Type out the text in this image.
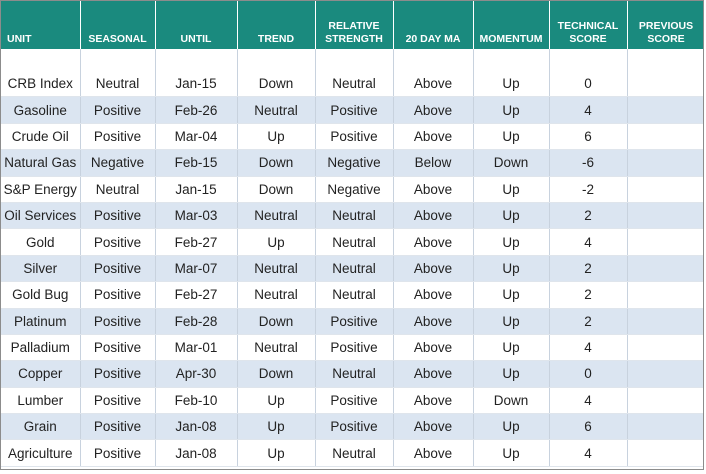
UNIT	SEASONAL	UNTIL	TREND	RELATIVE STRENGTH	20 DAY MA	MOMENTUM	TECHNICAL SCORE	PREVIOUS SCORE

CRB Index	Neutral	Jan-15	Down	Neutral	Above	Up	0	
Gasoline	Positive	Feb-26	Neutral	Positive	Above	Up	4	
Crude Oil	Positive	Mar-04	Up	Positive	Above	Up	6	
Natural Gas	Negative	Feb-15	Down	Negative	Below	Down	-6	
S&P Energy	Neutral	Jan-15	Down	Negative	Above	Up	-2	
Oil Services	Positive	Mar-03	Neutral	Neutral	Above	Up	2	
Gold	Positive	Feb-27	Up	Neutral	Above	Up	4	
Silver	Positive	Mar-07	Neutral	Neutral	Above	Up	2	
Gold Bug	Positive	Feb-27	Neutral	Neutral	Above	Up	2	
Platinum	Positive	Feb-28	Down	Positive	Above	Up	2	
Palladium	Positive	Mar-01	Neutral	Positive	Above	Up	4	
Copper	Positive	Apr-30	Down	Neutral	Above	Up	0	
Lumber	Positive	Feb-10	Up	Positive	Above	Down	4	
Grain	Positive	Jan-08	Up	Positive	Above	Up	6	
Agriculture	Positive	Jan-08	Up	Neutral	Above	Up	4	
